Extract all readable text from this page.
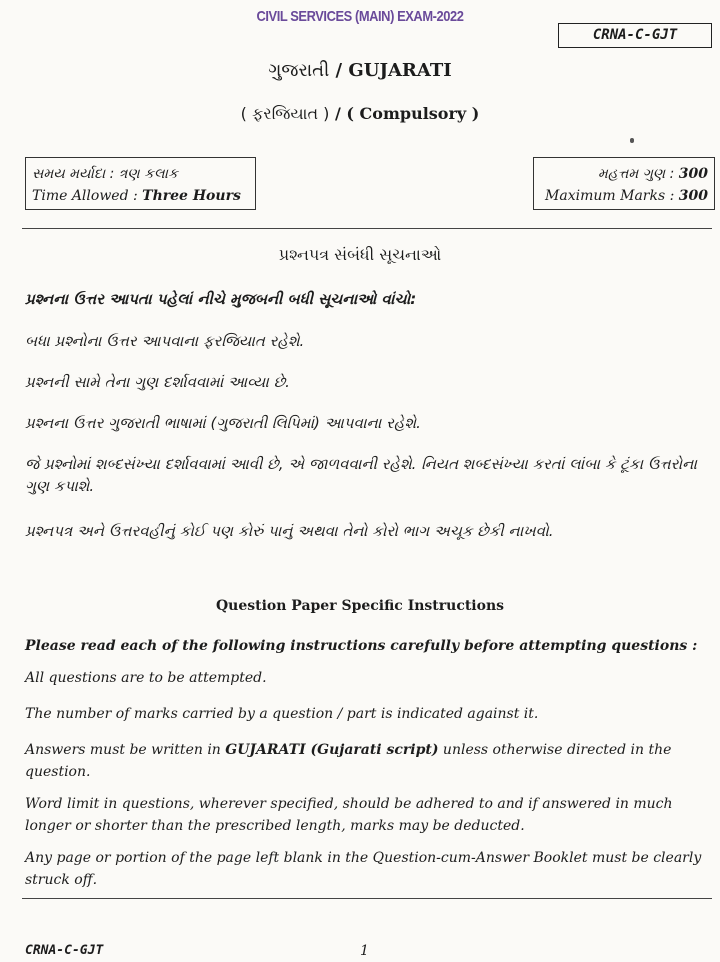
CIVIL SERVICES (MAIN) EXAM-2022
CRNA-C-GJT
ગુજરાતી / GUJARATI
( ફરજિયાત ) / ( Compulsory )
સમય મર્યાદા : ત્રણ કલાક
Time Allowed : Three Hours
મહત્તમ ગુણ : 300
Maximum Marks : 300
પ્રશ્નપત્ર સંબંધી સૂચનાઓ
પ્રશ્નના ઉત્તર આપતા પહેલાં નીચે મુજબની બધી સૂચનાઓ વાંચો:
બધા પ્રશ્નોના ઉત્તર આપવાના ફરજિયાત રહેશે.
પ્રશ્નની સામે તેના ગુણ દર્શાવવામાં આવ્યા છે.
પ્રશ્નના ઉત્તર ગુજરાતી ભાષામાં (ગુજરાતી લિપિમાં) આપવાના રહેશે.
જે પ્રશ્નોમાં શબ્દસંખ્યા દર્શાવવામાં આવી છે, એ જાળવવાની રહેશે. નિયત શબ્દસંખ્યા કરતાં લાંબા કે ટૂંકા ઉત્તરોના ગુણ કપાશે.
પ્રશ્નપત્ર અને ઉત્તરવહીનું કોઈ પણ કોરું પાનું અથવા તેનો કોરો ભાગ અચૂક છેકી નાખવો.
Question Paper Specific Instructions
Please read each of the following instructions carefully before attempting questions :
All questions are to be attempted.
The number of marks carried by a question / part is indicated against it.
Answers must be written in GUJARATI (Gujarati script) unless otherwise directed in the question.
Word limit in questions, wherever specified, should be adhered to and if answered in much longer or shorter than the prescribed length, marks may be deducted.
Any page or portion of the page left blank in the Question-cum-Answer Booklet must be clearly struck off.
CRNA-C-GJT	1
